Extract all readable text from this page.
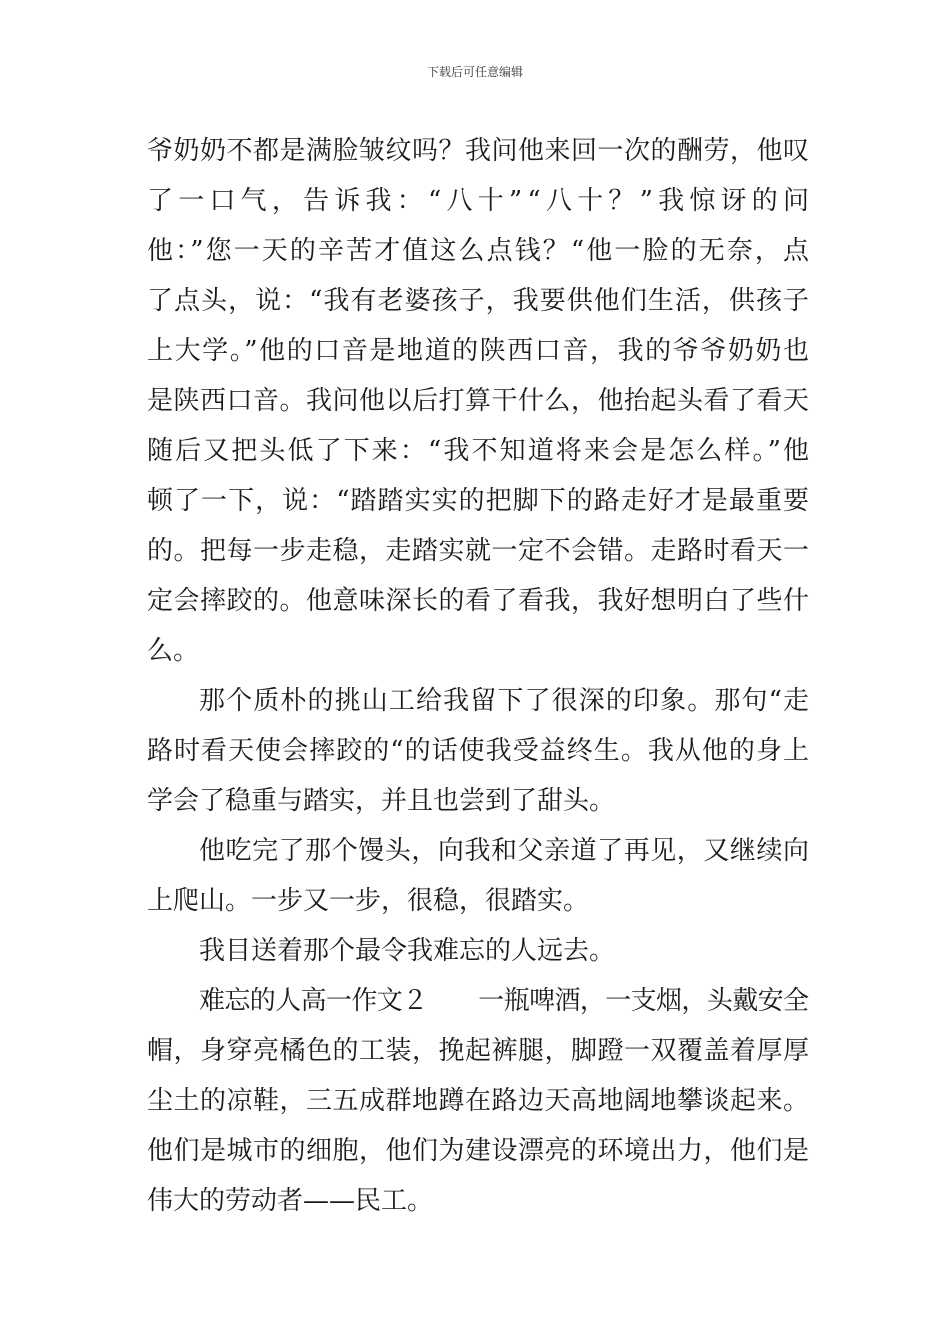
下载后可任意编辑
爷奶奶不都是满脸皱纹吗？我问他来回一次的酬劳，他叹
了一口气，告诉我：“八十”“八十？”我惊讶的问
他：”您一天的辛苦才值这么点钱？“他一脸的无奈，点
了点头，说：“我有老婆孩子，我要供他们生活，供孩子
上大学。”他的口音是地道的陕西口音，我的爷爷奶奶也
是陕西口音。我问他以后打算干什么，他抬起头看了看天
随后又把头低了下来：“我不知道将来会是怎么样。”他
顿了一下，说：“踏踏实实的把脚下的路走好才是最重要
的。把每一步走稳，走踏实就一定不会错。走路时看天一
定会摔跤的。他意味深长的看了看我，我好想明白了些什
么。
那个质朴的挑山工给我留下了很深的印象。那句“走
路时看天使会摔跤的“的话使我受益终生。我从他的身上
学会了稳重与踏实，并且也尝到了甜头。
他吃完了那个馒头，向我和父亲道了再见，又继续向
上爬山。一步又一步，很稳，很踏实。
我目送着那个最令我难忘的人远去。
难忘的人高一作文２　　一瓶啤酒，一支烟，头戴安全
帽，身穿亮橘色的工装，挽起裤腿，脚蹬一双覆盖着厚厚
尘土的凉鞋，三五成群地蹲在路边天高地阔地攀谈起来。
他们是城市的细胞，他们为建设漂亮的环境出力，他们是
伟大的劳动者——民工。
